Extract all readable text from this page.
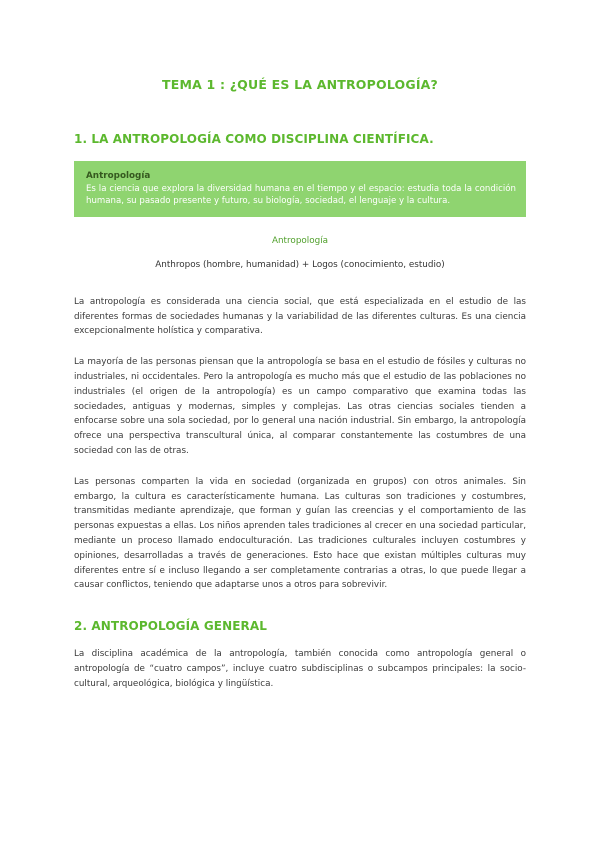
TEMA 1 : ¿QUÉ ES LA ANTROPOLOGÍA?
1. LA ANTROPOLOGÍA COMO DISCIPLINA CIENTÍFICA.
Antropología
Es la ciencia que explora la diversidad humana en el tiempo y el espacio: estudia toda la condición humana, su pasado presente y futuro, su biología, sociedad, el lenguaje y la cultura.
Antropología
Anthropos (hombre, humanidad) + Logos (conocimiento, estudio)

La antropología es considerada una ciencia social, que está especializada en el estudio de las diferentes formas de sociedades humanas y la variabilidad de las diferentes culturas. Es una ciencia excepcionalmente holística y comparativa.

La mayoría de las personas piensan que la antropología se basa en el estudio de fósiles y culturas no industriales, ni occidentales. Pero la antropología es mucho más que el estudio de las poblaciones no industriales (el origen de la antropología) es un campo comparativo que examina todas las sociedades, antiguas y modernas, simples y complejas. Las otras ciencias sociales tienden a enfocarse sobre una sola sociedad, por lo general una nación industrial. Sin embargo, la antropología ofrece una perspectiva transcultural única, al comparar constantemente las costumbres de una sociedad con las de otras.

Las personas comparten la vida en sociedad (organizada en grupos) con otros animales. Sin embargo, la cultura es característicamente humana. Las culturas son tradiciones y costumbres, transmitidas mediante aprendizaje, que forman y guían las creencias y el comportamiento de las personas expuestas a ellas. Los niños aprenden tales tradiciones al crecer en una sociedad particular, mediante un proceso llamado endoculturación. Las tradiciones culturales incluyen costumbres y opiniones, desarrolladas a través de generaciones. Esto hace que existan múltiples culturas muy diferentes entre sí e incluso llegando a ser completamente contrarias a otras, lo que puede llegar a causar conflictos, teniendo que adaptarse unos a otros para sobrevivir.

2. ANTROPOLOGÍA GENERAL

La disciplina académica de la antropología, también conocida como antropología general o antropología de “cuatro campos”, incluye cuatro subdisciplinas o subcampos principales: la socio-cultural, arqueológica, biológica y lingüística.
